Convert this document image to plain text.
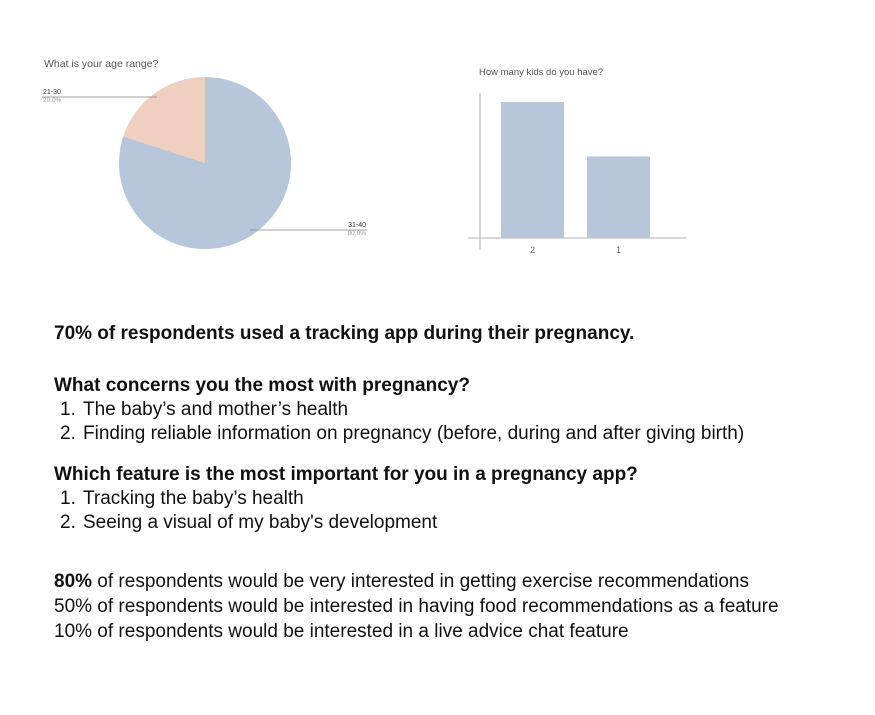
What is your age range?
21-30
20.0%
31-40
80.0%
How many kids do you have?
2	1

70% of respondents used a tracking app during their pregnancy.

What concerns you the most with pregnancy?

1. The baby’s and mother’s health
2. Finding reliable information on pregnancy (before, during and after giving birth)

Which feature is the most important for you in a pregnancy app?

1. Tracking the baby’s health
2. Seeing a visual of my baby's development

80% of respondents would be very interested in getting exercise recommendations

50% of respondents would be interested in having food recommendations as a feature

10% of respondents would be interested in a live advice chat feature
